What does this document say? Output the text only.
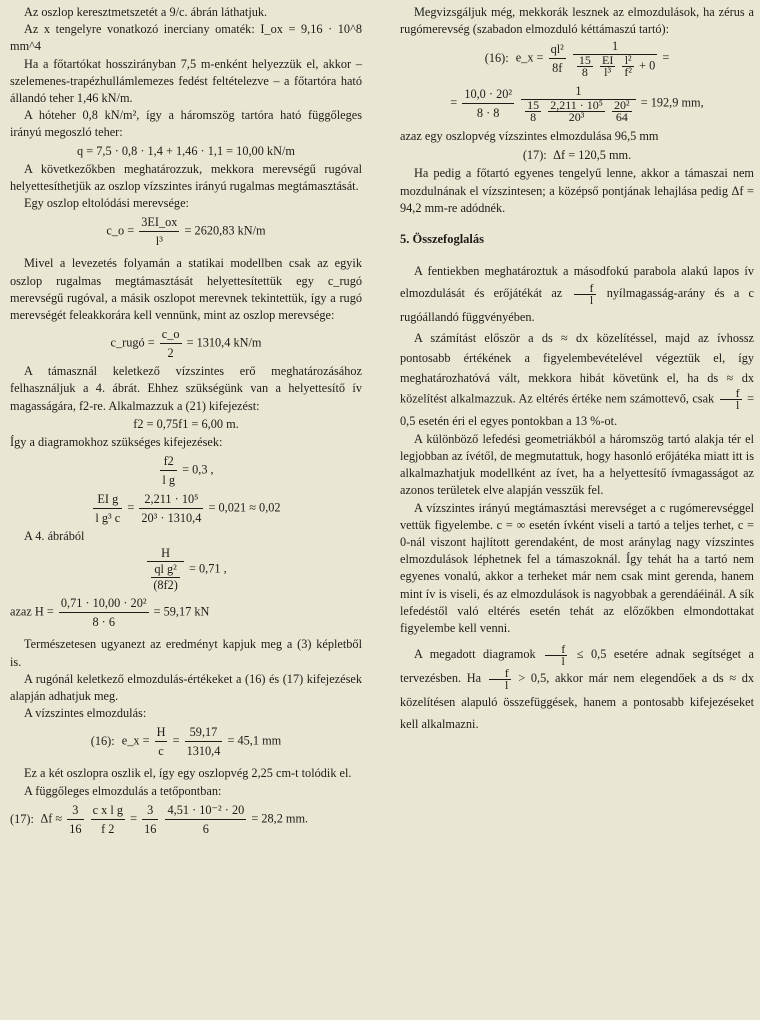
Az oszlop keresztmetszetét a 9/c. ábrán láthatjuk.

Az x tengelyre vonatkozó inerciany omaték: I_ox = 9,16 · 10^8 mm^4

Ha a főtartókat hosszirányban 7,5 m-enként helyezzük el, akkor – szelemenes-trapézhullámlemezes fedést feltételezve – a főtartóra ható állandó teher 1,46 kN/m.

A hóteher 0,8 kN/m², így a háromszög tartóra ható függőleges irányú megoszló teher:

q = 7,5 · 0,8 · 1,4 + 1,46 · 1,1 = 10,00 kN/m

A következőkben meghatározzuk, mekkora merevségű rugóval helyettesíthetjük az oszlop vízszintes irányú rugalmas megtámasztását.

Egy oszlop eltolódási merevsége:

c_o = $\frac{3EI\_ox}{\text{l³}} = 2620,83$ kN/m

Mivel a levezetés folyamán a statikai modellben csak az egyik oszlop rugalmas megtámasztását helyettesítettük egy c_rugó merevségű rugóval, a másik oszlopot merevnek tekintettük, így a rugó merevségét feleakkorára kell vennünk, mint az oszlop merevsége:

c_rugó = $\frac{c\_o}{2} = 1310,4$ kN/m

A támasznál keletkező vízszintes erő meghatározásához felhasználjuk a 4. ábrát. Ehhez szükségünk van a helyettesítő ív magasságára, f2-re. Alkalmazzuk a (21) kifejezést:

f2 = 0,75f1 = 6,00 m.

Így a diagramokhoz szükséges kifejezések:

$\frac{f2}{\text{l g}} = 0,3$ ,
$\frac{\text{EI g}}{\text{l g³ c}} = \frac{\text{2,211 · 10⁵}}{\text{20³ · 1310,4}} = 0,021 \approx 0,02$

A 4. ábrából

$\frac{H}{\frac{\text{ql g²}}{(8f2)}} = 0,71$ ,
azaz $H = \frac{\text{0,71 · 10,00 · 20²}}{8 \cdot 6} = 59,17$ kN

Természetesen ugyanezt az eredményt kapjuk meg a (3) képletből is.

A rugónál keletkező elmozdulás-értékeket a (16) és (17) kifejezések alapján adhatjuk meg.

A vízszintes elmozdulás:

(16): e_x = $\frac{H}{c} = \frac{59,17}{1310,4} = 45,1$ mm

Ez a két oszlopra oszlik el, így egy oszlopvég 2,25 cm-t tolódik el.

A függőleges elmozdulás a tetőpontban:

(17): $\Delta f \approx \frac{3}{16}$
$\frac{\text{c x l g}}{f 2} = \frac{3}{16}$
$\frac{\text{4,51 · 10⁻² · 20}}{6} = 28,2$ mm.

Megvizsgáljuk még, mekkorák lesznek az elmozdulások, ha zérus a rugómerevség (szabadon elmozduló kéttámaszú tartó):

(16): e_x = $\frac{\text{ql²}}{8f}$
1
$\frac{15}{8}$
$\frac{EI}{\text{l³}}$
$\frac{\text{l²}}{\text{f²}} + 0$ =
= $\frac{\text{10,0 · 20²}}{8 \cdot 8}$
1
$\frac{15}{8}$
$\frac{\text{2,211 · 10⁵}}{\text{20³}}$
$\frac{\text{20²}}{64} = 192,9$ mm,

azaz egy oszlopvég vízszintes elmozdulása 96,5 mm

(17): Δf = 120,5 mm.

Ha pedig a főtartó egyenes tengelyű lenne, akkor a támaszai nem mozdulnának el vízszintesen; a középső pontjának lehajlása pedig Δf = 94,2 mm-re adódnék.

5. Összefoglalás

A fentiekben meghatároztuk a másodfokú parabola alakú lapos ív elmozdulását és erőjátékát az $\frac{f}{l}$ nyílmagasság-arány és a c rugóállandó függvényében.

A számítást először a ds ≈ dx közelítéssel, majd az ívhossz pontosabb értékének a figyelembevételével végeztük el, így meghatározhatóvá vált, mekkora hibát követünk el, ha ds ≈ dx közelítést alkalmazzuk. Az eltérés értéke nem számottevő, csak $\frac{f}{l} = 0,5$ esetén éri el egyes pontokban a 13 %-ot.

A különböző lefedési geometriákból a háromszög tartó alakja tér el legjobban az ívétől, de megmutattuk, hogy hasonló erőjátéka miatt itt is alkalmazhatjuk modellként az ívet, ha a helyettesítő ívmagasságot az azonos területek elve alapján vesszük fel.

A vízszintes irányú megtámasztási merevséget a c rugómerevséggel vettük figyelembe. c = ∞ esetén ívként viseli a tartó a teljes terhet, c = 0-nál viszont hajlított gerendaként, de most aránylag nagy vízszintes elmozdulások léphetnek fel a támaszoknál. Így tehát ha a tartó nem egyenes vonalú, akkor a terheket már nem csak mint gerenda, hanem mint ív is viseli, és az elmozdulások is nagyobbak a gerendáéinál. A sík lefedéstől való eltérés esetén tehát az előzőkben elmondottakat figyelembe kell venni.

A megadott diagramok $\frac{f}{l} \le 0,5$ esetére adnak segítséget a tervezésben. Ha $\frac{f}{l} > 0,5$, akkor már nem elegendőek a ds ≈ dx közelítésen alapuló összefüggések, hanem a pontosabb kifejezéseket kell alkalmazni.
